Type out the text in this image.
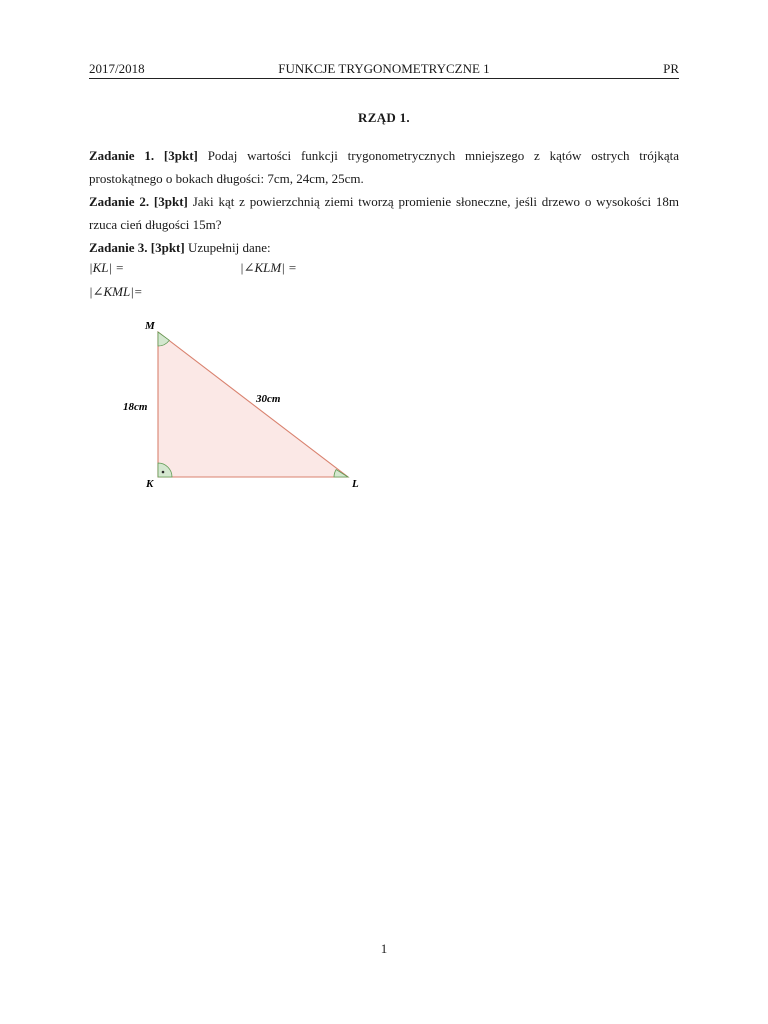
2017/2018	FUNKCJE TRYGONOMETRYCZNE 1	PR
RZĄD 1.
Zadanie 1. [3pkt] Podaj wartości funkcji trygonometrycznych mniejszego z kątów ostrych trójkąta prostokątnego o bokach długości: 7cm, 24cm, 25cm.
Zadanie 2. [3pkt] Jaki kąt z powierzchnią ziemi tworzą promienie słoneczne, jeśli drzewo o wysokości 18m rzuca cień długości 15m?
Zadanie 3. [3pkt] Uzupełnij dane:
|KL| =	|∠KLM| =
|∠KML|=
M
K	L
18cm
30cm
1
